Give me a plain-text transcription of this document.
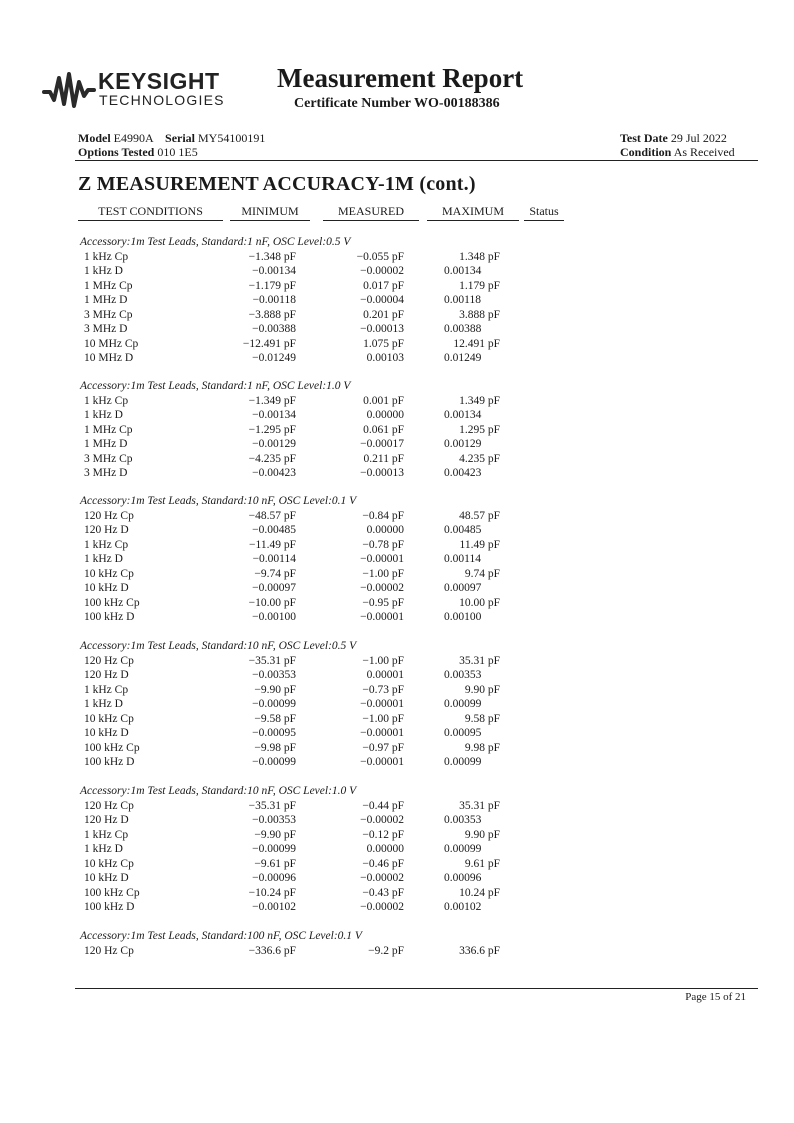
KEYSIGHT
TECHNOLOGIES
Measurement Report
Certificate Number WO-00188386
Model E4990A Serial MY54100191
Options Tested 010 1E5
Test Date 29 Jul 2022
Condition As Received
Z MEASUREMENT ACCURACY-1M (cont.)
TEST CONDITIONS	MINIMUM	MEASURED	MAXIMUM	Status
Accessory:1m Test Leads, Standard:1 nF, OSC Level:0.5 V
1 kHz Cp	−1.348 pF	−0.055 pF	1.348 pF
1 kHz D	−0.00134	−0.00002	0.00134
1 MHz Cp	−1.179 pF	0.017 pF	1.179 pF
1 MHz D	−0.00118	−0.00004	0.00118
3 MHz Cp	−3.888 pF	0.201 pF	3.888 pF
3 MHz D	−0.00388	−0.00013	0.00388
10 MHz Cp	−12.491 pF	1.075 pF	12.491 pF
10 MHz D	−0.01249	0.00103	0.01249
Accessory:1m Test Leads, Standard:1 nF, OSC Level:1.0 V
1 kHz Cp	−1.349 pF	0.001 pF	1.349 pF
1 kHz D	−0.00134	0.00000	0.00134
1 MHz Cp	−1.295 pF	0.061 pF	1.295 pF
1 MHz D	−0.00129	−0.00017	0.00129
3 MHz Cp	−4.235 pF	0.211 pF	4.235 pF
3 MHz D	−0.00423	−0.00013	0.00423
Accessory:1m Test Leads, Standard:10 nF, OSC Level:0.1 V
120 Hz Cp	−48.57 pF	−0.84 pF	48.57 pF
120 Hz D	−0.00485	0.00000	0.00485
1 kHz Cp	−11.49 pF	−0.78 pF	11.49 pF
1 kHz D	−0.00114	−0.00001	0.00114
10 kHz Cp	−9.74 pF	−1.00 pF	9.74 pF
10 kHz D	−0.00097	−0.00002	0.00097
100 kHz Cp	−10.00 pF	−0.95 pF	10.00 pF
100 kHz D	−0.00100	−0.00001	0.00100
Accessory:1m Test Leads, Standard:10 nF, OSC Level:0.5 V
120 Hz Cp	−35.31 pF	−1.00 pF	35.31 pF
120 Hz D	−0.00353	0.00001	0.00353
1 kHz Cp	−9.90 pF	−0.73 pF	9.90 pF
1 kHz D	−0.00099	−0.00001	0.00099
10 kHz Cp	−9.58 pF	−1.00 pF	9.58 pF
10 kHz D	−0.00095	−0.00001	0.00095
100 kHz Cp	−9.98 pF	−0.97 pF	9.98 pF
100 kHz D	−0.00099	−0.00001	0.00099
Accessory:1m Test Leads, Standard:10 nF, OSC Level:1.0 V
120 Hz Cp	−35.31 pF	−0.44 pF	35.31 pF
120 Hz D	−0.00353	−0.00002	0.00353
1 kHz Cp	−9.90 pF	−0.12 pF	9.90 pF
1 kHz D	−0.00099	0.00000	0.00099
10 kHz Cp	−9.61 pF	−0.46 pF	9.61 pF
10 kHz D	−0.00096	−0.00002	0.00096
100 kHz Cp	−10.24 pF	−0.43 pF	10.24 pF
100 kHz D	−0.00102	−0.00002	0.00102
Accessory:1m Test Leads, Standard:100 nF, OSC Level:0.1 V
120 Hz Cp	−336.6 pF	−9.2 pF	336.6 pF
Page 15 of 21
